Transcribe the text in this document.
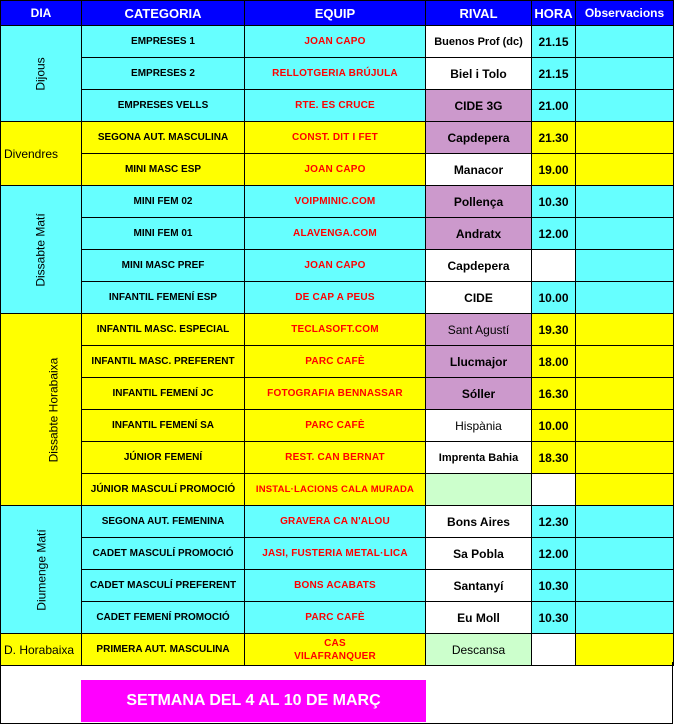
DIA	CATEGORIA	EQUIP	RIVAL	HORA	Observacions
Dijous	EMPRESES 1	JOAN CAPO	Buenos Prof (dc)	21.15	
	EMPRESES 2	RELLOTGERIA BRÚJULA	Biel i Tolo	21.15	
	EMPRESES VELLS	RTE. ES CRUCE	CIDE 3G	21.00	
Divendres	SEGONA AUT. MASCULINA	CONST. DIT I FET	Capdepera	21.30	
	MINI MASC ESP	JOAN CAPO	Manacor	19.00	
Dissabte Matí	MINI FEM 02	VOIPMINIC.COM	Pollença	10.30	
	MINI FEM 01	ALAVENGA.COM	Andratx	12.00	
	MINI MASC PREF	JOAN CAPO	Capdepera		
	INFANTIL FEMENÍ ESP	DE CAP A PEUS	CIDE	10.00	
Dissabte Horabaixa	INFANTIL MASC. ESPECIAL	TECLASOFT.COM	Sant Agustí	19.30	
	INFANTIL MASC. PREFERENT	PARC CAFÈ	Llucmajor	18.00	
	INFANTIL FEMENÍ JC	FOTOGRAFIA BENNASSAR	Sóller	16.30	
	INFANTIL FEMENÍ SA	PARC CAFÈ	Hispània	10.00	
	JÚNIOR FEMENÍ	REST. CAN BERNAT	Imprenta Bahia	18.30	
	JÚNIOR MASCULÍ PROMOCIÓ	INSTAL·LACIONS CALA MURADA			
Diumenge Matí	SEGONA AUT. FEMENINA	GRAVERA CA N'ALOU	Bons Aires	12.30	
	CADET MASCULÍ PROMOCIÓ	JASI, FUSTERIA METAL·LICA	Sa Pobla	12.00	
	CADET MASCULÍ PREFERENT	BONS ACABATS	Santanyí	10.30	
	CADET FEMENÍ PROMOCIÓ	PARC CAFÈ	Eu Moll	10.30	
D. Horabaixa	PRIMERA AUT. MASCULINA	CAS VILAFRANQUER	Descansa		
SETMANA DEL 4 AL 10 DE MARÇ
